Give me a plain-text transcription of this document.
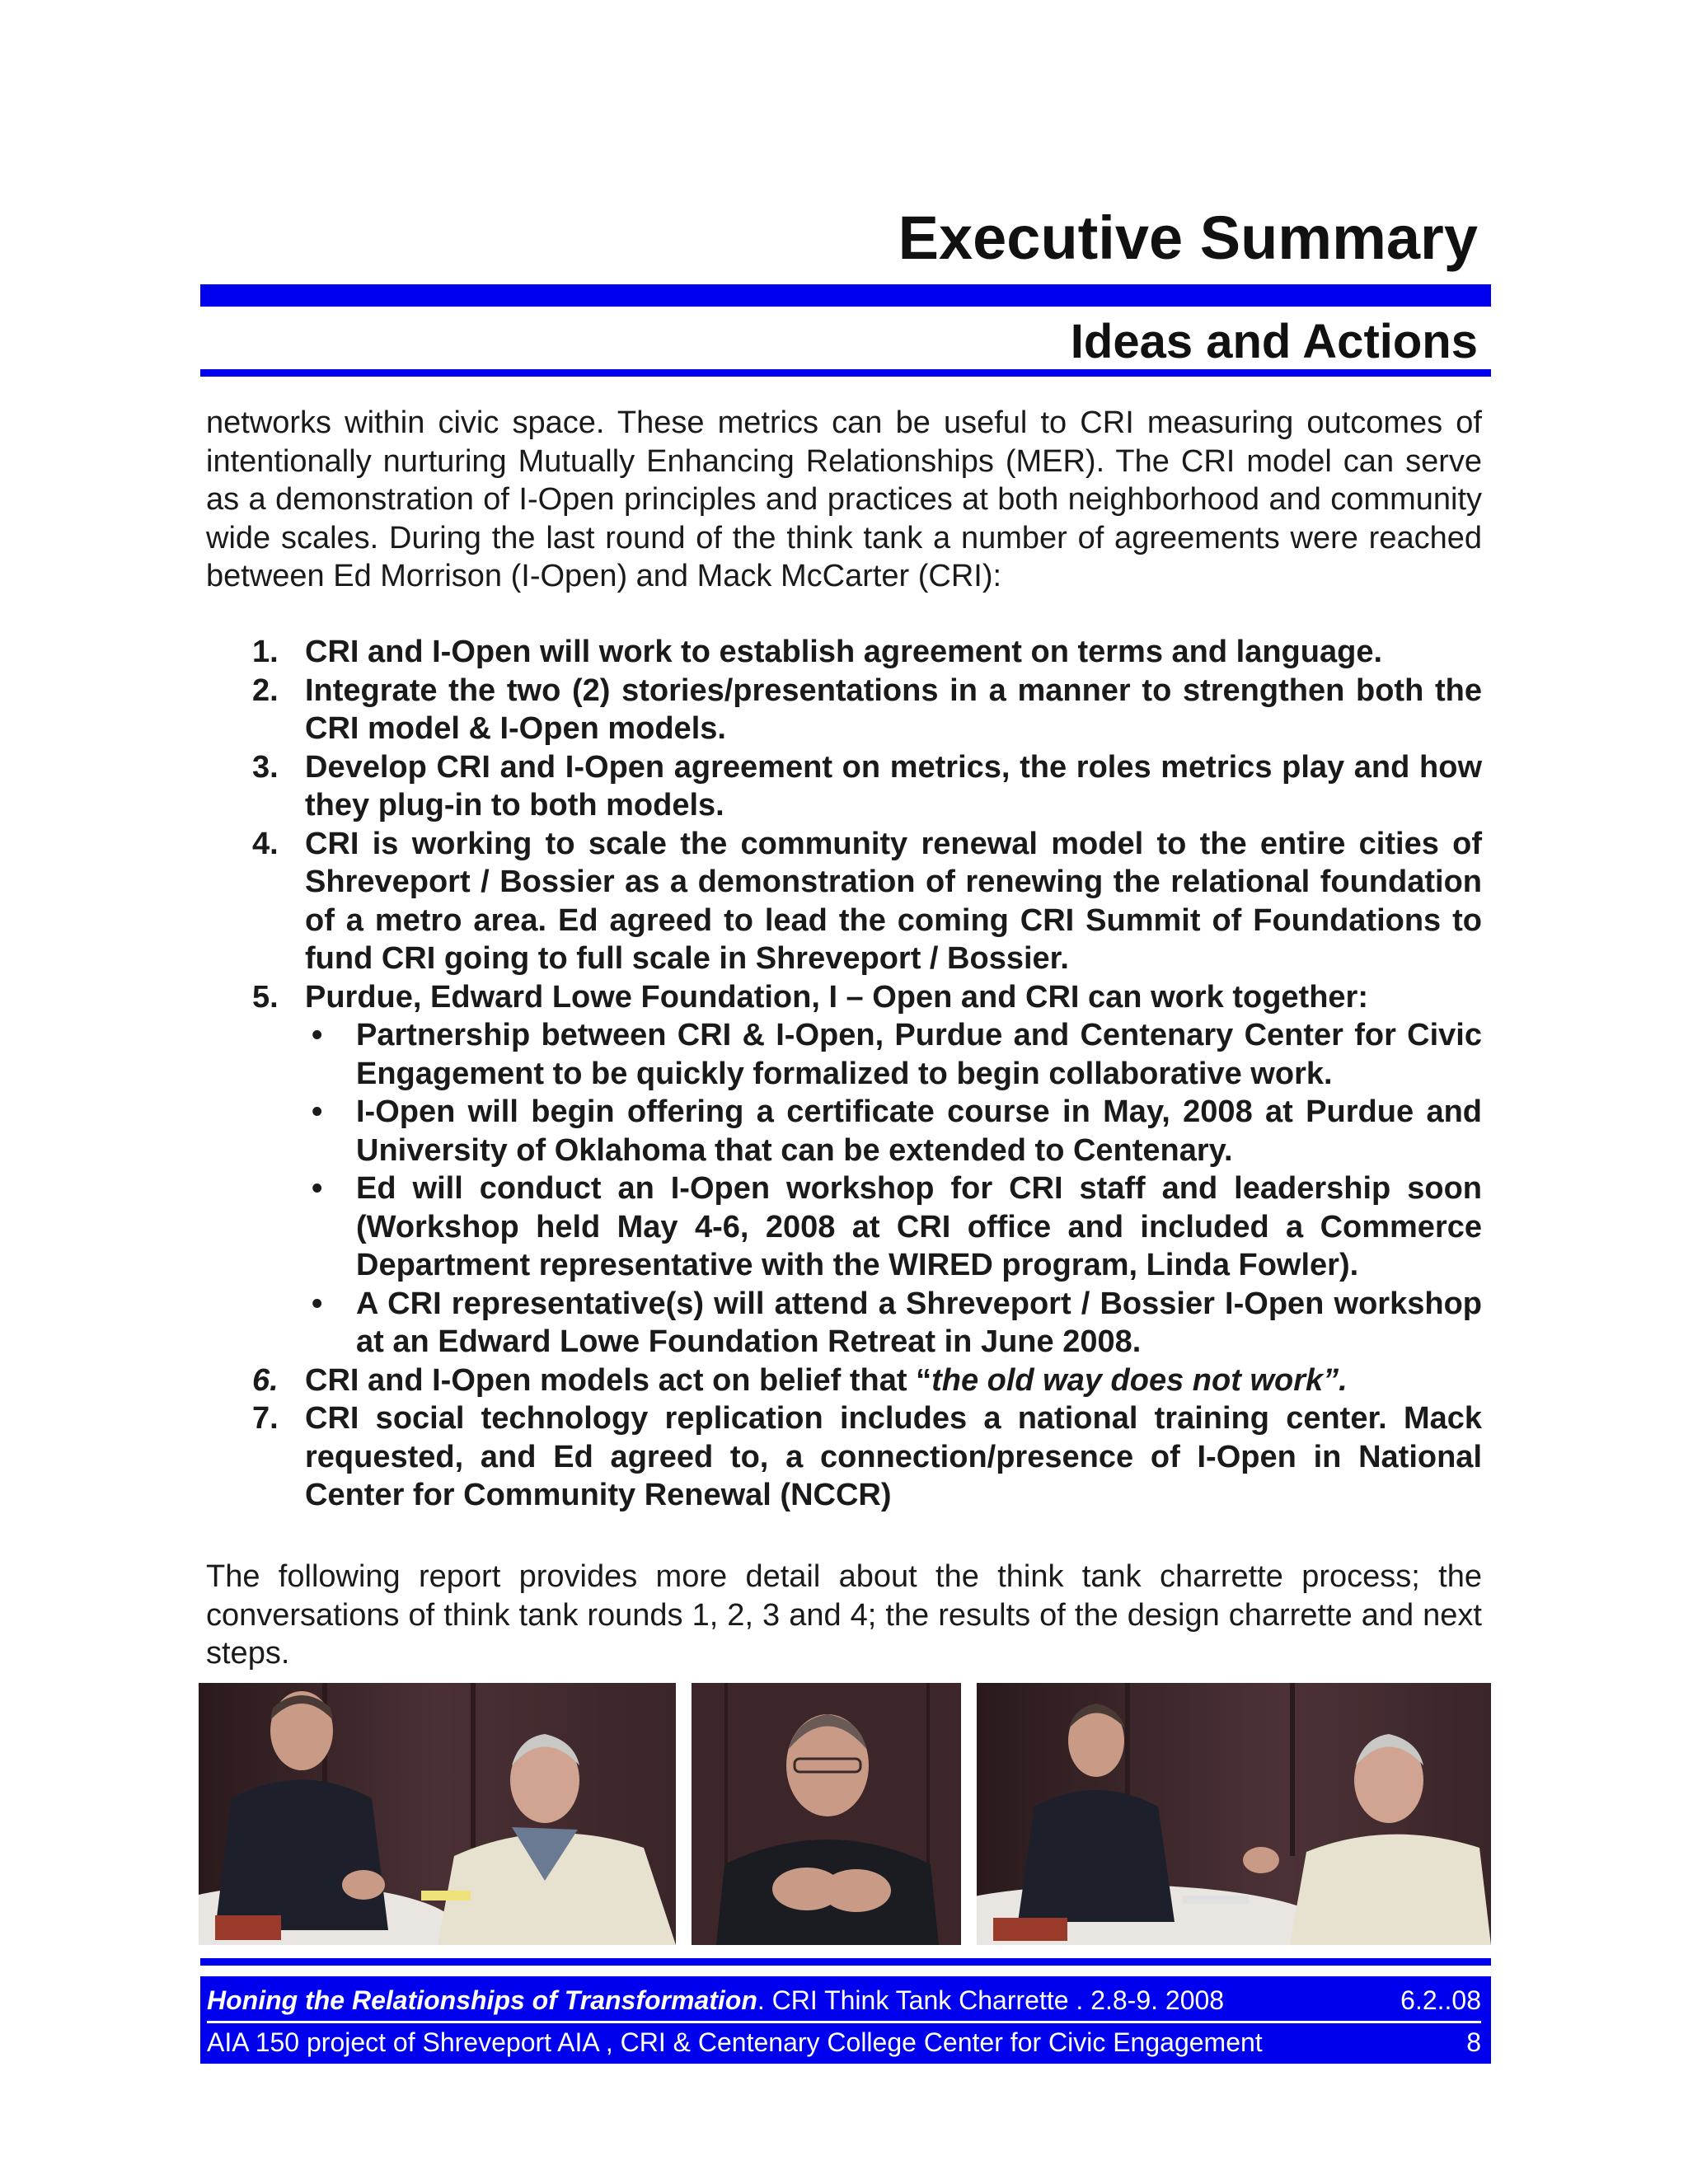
Executive Summary
Ideas and Actions

networks within civic space. These metrics can be useful to CRI measuring outcomes of intentionally nurturing Mutually Enhancing Relationships (MER). The CRI model can serve as a demonstration of I-Open principles and practices at both neighborhood and community wide scales. During the last round of the think tank a number of agreements were reached between Ed Morrison (I-Open) and Mack McCarter (CRI):

1. CRI and I-Open will work to establish agreement on terms and language.
2. Integrate the two (2) stories/presentations in a manner to strengthen both the CRI model & I-Open models.
3. Develop CRI and I-Open agreement on metrics, the roles metrics play and how they plug-in to both models.
4. CRI is working to scale the community renewal model to the entire cities of Shreveport / Bossier as a demonstration of renewing the relational foundation of a metro area. Ed agreed to lead the coming CRI Summit of Foundations to fund CRI going to full scale in Shreveport / Bossier.
5. Purdue, Edward Lowe Foundation, I – Open and CRI can work together:
• Partnership between CRI & I-Open, Purdue and Centenary Center for Civic Engagement to be quickly formalized to begin collaborative work.
• I-Open will begin offering a certificate course in May, 2008 at Purdue and University of Oklahoma that can be extended to Centenary.
• Ed will conduct an I-Open workshop for CRI staff and leadership soon (Workshop held May 4-6, 2008 at CRI office and included a Commerce Department representative with the WIRED program, Linda Fowler).
• A CRI representative(s) will attend a Shreveport / Bossier I-Open workshop at an Edward Lowe Foundation Retreat in June 2008.
6. CRI and I-Open models act on belief that “the old way does not work”.
7. CRI social technology replication includes a national training center. Mack requested, and Ed agreed to, a connection/presence of I-Open in National Center for Community Renewal (NCCR)

The following report provides more detail about the think tank charrette process; the conversations of think tank rounds 1, 2, 3 and 4; the results of the design charrette and next steps.

Honing the Relationships of Transformation. CRI Think Tank Charrette . 2.8-9. 2008	6.2..08
AIA 150 project of Shreveport AIA , CRI & Centenary College Center for Civic Engagement	8
